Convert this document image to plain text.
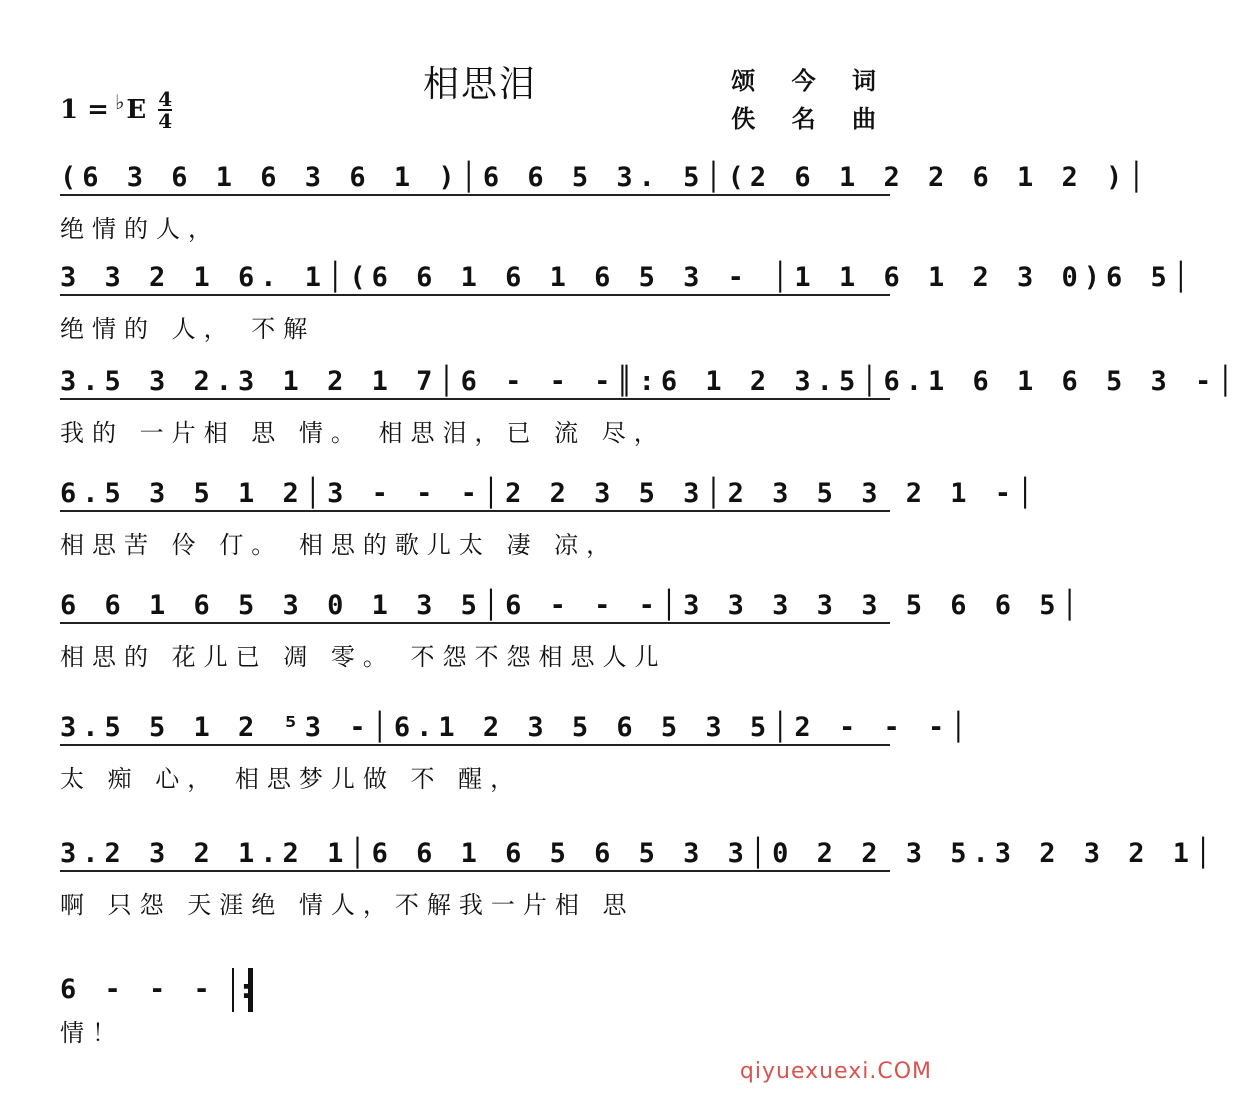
相思泪	颂 今 词
佚 名 曲
1 = ♭ E 4
4
(6 3 6 1 6 3 6 1 )│6 6 5 3. 5│(2 6 1 2 2 6 1 2 )│
绝情的人，
3 3 2 1 6. 1│(6 6 1 6 1 6 5 3 - │1 1 6 1 2 3 0)6 5│
绝情的 人， 不解
3.5 3 2.3 1 2 1 7│6 - - -║:6 1 2 3.5│6.1 6 1 6 5 3 -│
我的 一片相 思 情。 相思泪，已 流 尽，
6.5 3 5 1 2│3 - - -│2 2 3 5 3│2 3 5 3 2 1 -│
相思苦 伶 仃。 相思的歌儿太 凄 凉，
6 6 1 6 5 3 0 1 3 5│6 - - -│3 3 3 3 3 5 6 6 5│
相思的 花儿已 凋 零。 不怨不怨相思人儿
3.5 5 1 2 ⁵3 -│6.1 2 3 5 6 5 3 5│2 - - -│
太 痴 心， 相思梦儿做 不 醒，
3.2 3 2 1.2 1│6 6 1 6 5 6 5 3 3│0 2 2 3 5.3 2 3 2 1│
啊 只怨 天涯绝 情人，不解我一片相 思
6 - - - :
情！
qiyuexuexi.COM
